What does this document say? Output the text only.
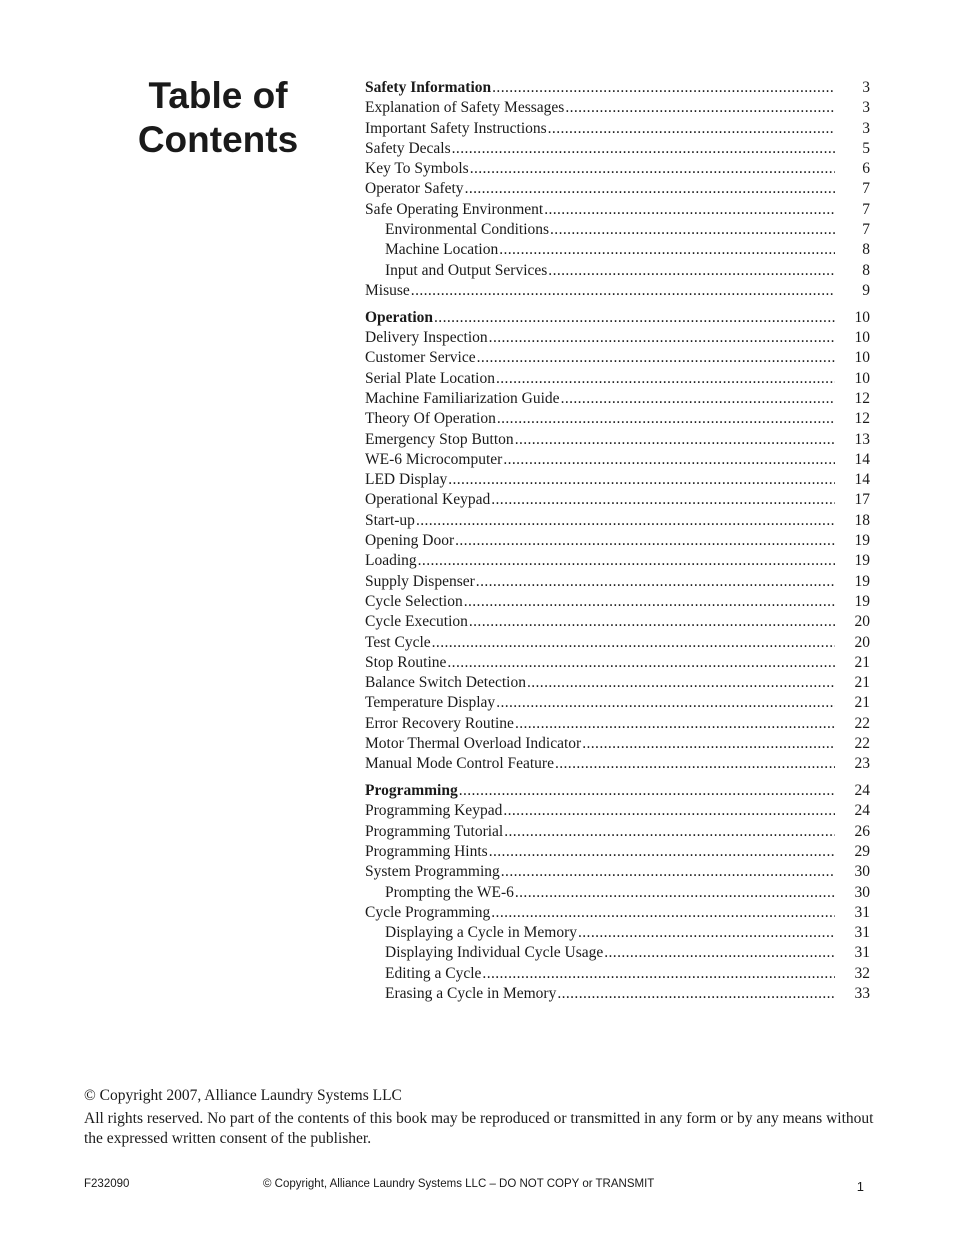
Table of
Contents
Safety Information .....	3
Explanation of Safety Messages .....	3
Important Safety Instructions .....	3
Safety Decals .....	5
Key To Symbols .....	6
Operator Safety .....	7
Safe Operating Environment .....	7
Environmental Conditions .....	7
Machine Location .....	8
Input and Output Services .....	8
Misuse .....	9
Operation .....	10
Delivery Inspection .....	10
Customer Service .....	10
Serial Plate Location .....	10
Machine Familiarization Guide .....	12
Theory Of Operation .....	12
Emergency Stop Button .....	13
WE-6 Microcomputer .....	14
LED Display .....	14
Operational Keypad .....	17
Start-up .....	18
Opening Door .....	19
Loading .....	19
Supply Dispenser .....	19
Cycle Selection .....	19
Cycle Execution .....	20
Test Cycle .....	20
Stop Routine .....	21
Balance Switch Detection .....	21
Temperature Display .....	21
Error Recovery Routine .....	22
Motor Thermal Overload Indicator .....	22
Manual Mode Control Feature .....	23
Programming .....	24
Programming Keypad .....	24
Programming Tutorial .....	26
Programming Hints .....	29
System Programming .....	30
Prompting the WE-6 .....	30
Cycle Programming .....	31
Displaying a Cycle in Memory .....	31
Displaying Individual Cycle Usage .....	31
Editing a Cycle .....	32
Erasing a Cycle in Memory .....	33

© Copyright 2007, Alliance Laundry Systems LLC

All rights reserved. No part of the contents of this book may be reproduced or transmitted in any form or by any means without the expressed written consent of the publisher.

F232090	© Copyright, Alliance Laundry Systems LLC – DO NOT COPY or TRANSMIT	1
